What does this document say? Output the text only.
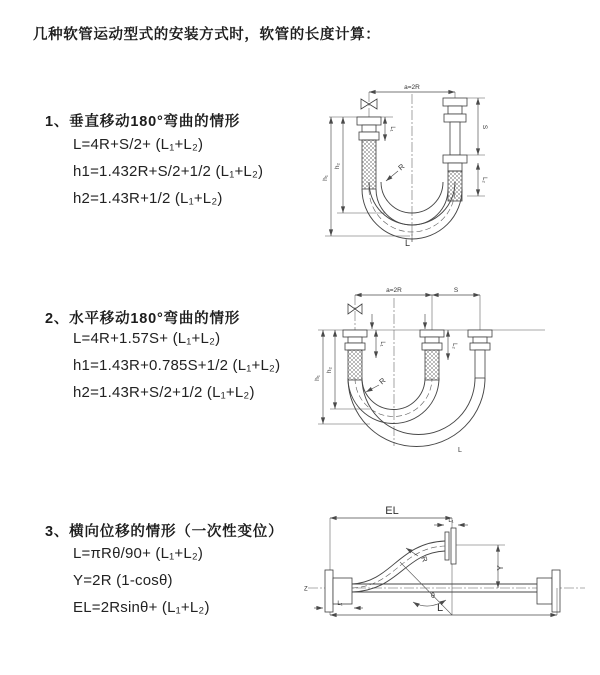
几种软管运动型式的安装方式时，软管的长度计算：
1、垂直移动180°弯曲的情形
L=4R+S/2+ (L₁+L₂)
h1=1.432R+S/2+1/2 (L₁+L₂)
h2=1.43R+1/2 (L₁+L₂)
2、水平移动180°弯曲的情形
L=4R+1.57S+ (L₁+L₂)
h1=1.43R+0.785S+1/2 (L₁+L₂)
h2=1.43R+S/2+1/2 (L₁+L₂)
3、横向位移的情形（一次性变位）
L=πRθ/90+ (L₁+L₂)
Y=2R (1-cosθ)
EL=2Rsinθ+ (L₁+L₂)
a=2R
L₁	S
L₂
h₁
h₂	R
L
a=2R	S
L₁	L₂
h₁
h₂
R
L
Z
EL
L₁
Y
θ
R
L
L₁
